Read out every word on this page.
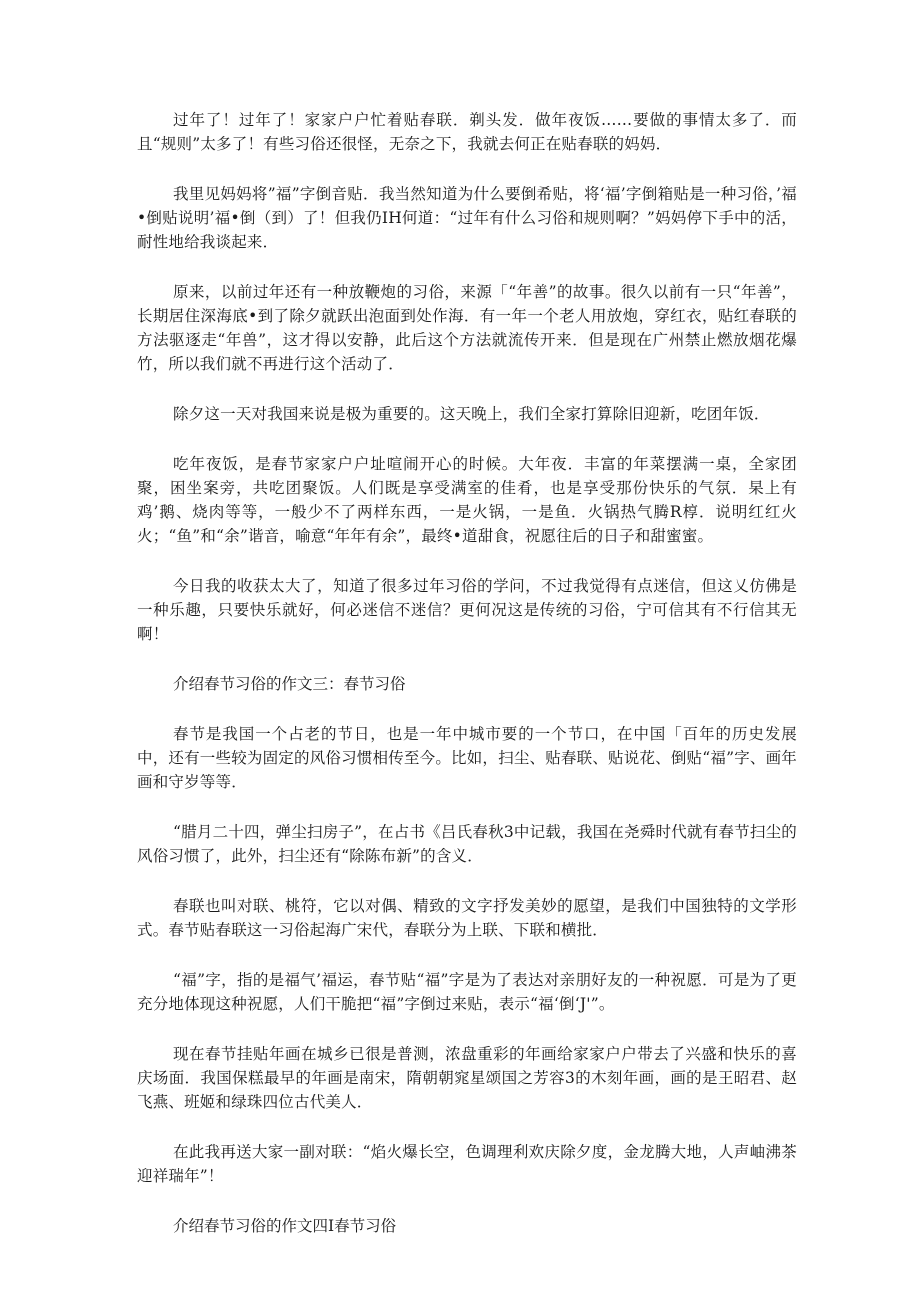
过年了！过年了！家家户户忙着贴春联．剃头发．做年夜饭……要做的事情太多了．而且“规则”太多了！有些习俗还很怪，无奈之下，我就去何正在贴春联的妈妈．

我里见妈妈将”福”字倒音贴．我当然知道为什么要倒希贴，将‘福’字倒箱贴是一种习俗，’福•倒贴说明’福•倒（到）了！但我仍IH何道：“过年有什么习俗和规则啊？”妈妈停下手中的活，耐性地给我谈起来．

原来，以前过年还有一种放鞭炮的习俗，来源「“年善”的故事。很久以前有一只“年善”，长期居住深海底•到了除夕就跃出泡面到处作海．有一年一个老人用放炮，穿红衣，贴红春联的方法驱逐走“年兽”，这才得以安静，此后这个方法就流传开来．但是现在广州禁止燃放烟花爆竹，所以我们就不再进行这个活动了．

除夕这一天对我国来说是极为重要的。这天晚上，我们全家打算除旧迎新，吃团年饭．

吃年夜饭，是春节家家户户址喧闹开心的时候。大年夜．丰富的年菜摆满一桌，全家团聚，困坐案旁，共吃团聚饭。人们既是享受满室的佳肴，也是享受那份快乐的气氛．杲上有鸡’鹅、烧肉等等，一般少不了两样东西，一是火锅，一是鱼．火锅热气腾R椁．说明红红火火；“鱼”和“余”谐音，喻意“年年有余”，最终•道甜食，祝愿往后的日子和甜蜜蜜。

今日我的收获太大了，知道了很多过年习俗的学问，不过我觉得有点迷信，但这乂仿佛是一种乐趣，只要快乐就好，何必迷信不迷信？更何况这是传统的习俗，宁可信其有不行信其无啊！

介绍春节习俗的作文三：春节习俗

春节是我国一个占老的节日，也是一年中城市要的一个节口，在中国「百年的历史发展中，还有一些较为固定的风俗习惯相传至今。比如，扫尘、贴春联、贴说花、倒贴“福”字、画年画和守岁等等．

“腊月二十四，弹尘扫房子”，在占书《吕氏春秋3中记载，我国在尧舜时代就有春节扫尘的风俗习惯了，此外，扫尘还有“除陈布新”的含义．

春联也叫对联、桃符，它以对偶、精致的文字抒发美妙的愿望，是我们中国独特的文学形式。春节贴春联这一习俗起海广宋代，春联分为上联、下联和横批．

“福”字，指的是福气’福运，春节贴“福”字是为了表达对亲朋好友的一种祝愿．可是为了更充分地体现这种祝愿，人们干脆把“福”字倒过来贴，表示“福‘倒‘J'”。

现在春节挂贴年画在城乡已很是普测，浓盘重彩的年画给家家户户带去了兴盛和快乐的喜庆场面．我国保糕最早的年画是南宋，隋朝朝窕星颂国之芳容3的木刻年画，画的是王昭君、赵飞燕、班姬和绿珠四位古代美人．

在此我再送大家一副对联：“焰火爆长空，色调理利欢庆除夕度，金龙腾大地，人声岫沸茶迎祥瑞年”！

介绍春节习俗的作文四I春节习俗
